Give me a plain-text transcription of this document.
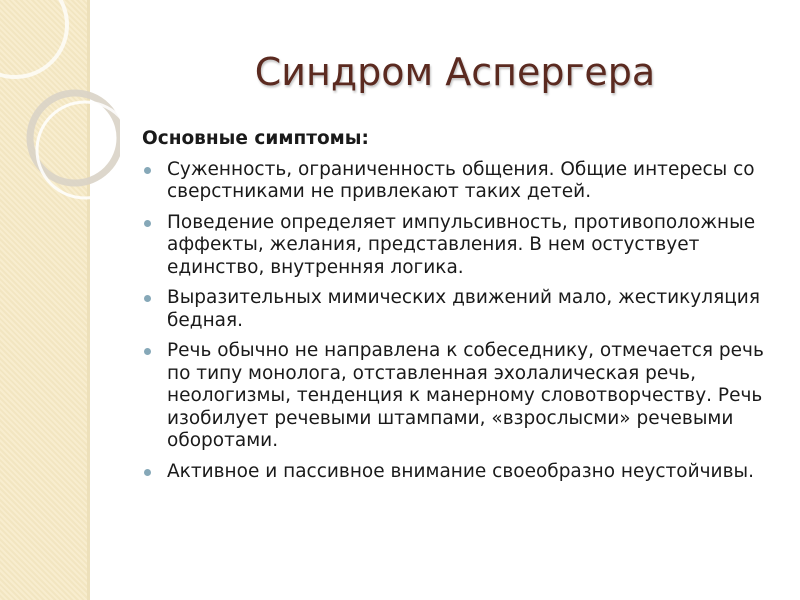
Синдром Аспергера

Основные симптомы:

Суженность, ограниченность общения. Общие интересы со сверстниками не привлекают таких детей.
Поведение определяет импульсивность, противоположные аффекты, желания, представления. В нем остуствует единство, внутренняя логика.
Выразительных мимических движений мало, жестикуляция бедная.
Речь обычно не направлена к собеседнику, отмечается речь по типу монолога, отставленная эхолалическая речь, неологизмы, тенденция к манерному словотворчеству. Речь изобилует речевыми штампами, «взрослысми» речевыми оборотами.
Активное и пассивное внимание своеобразно неустойчивы.
